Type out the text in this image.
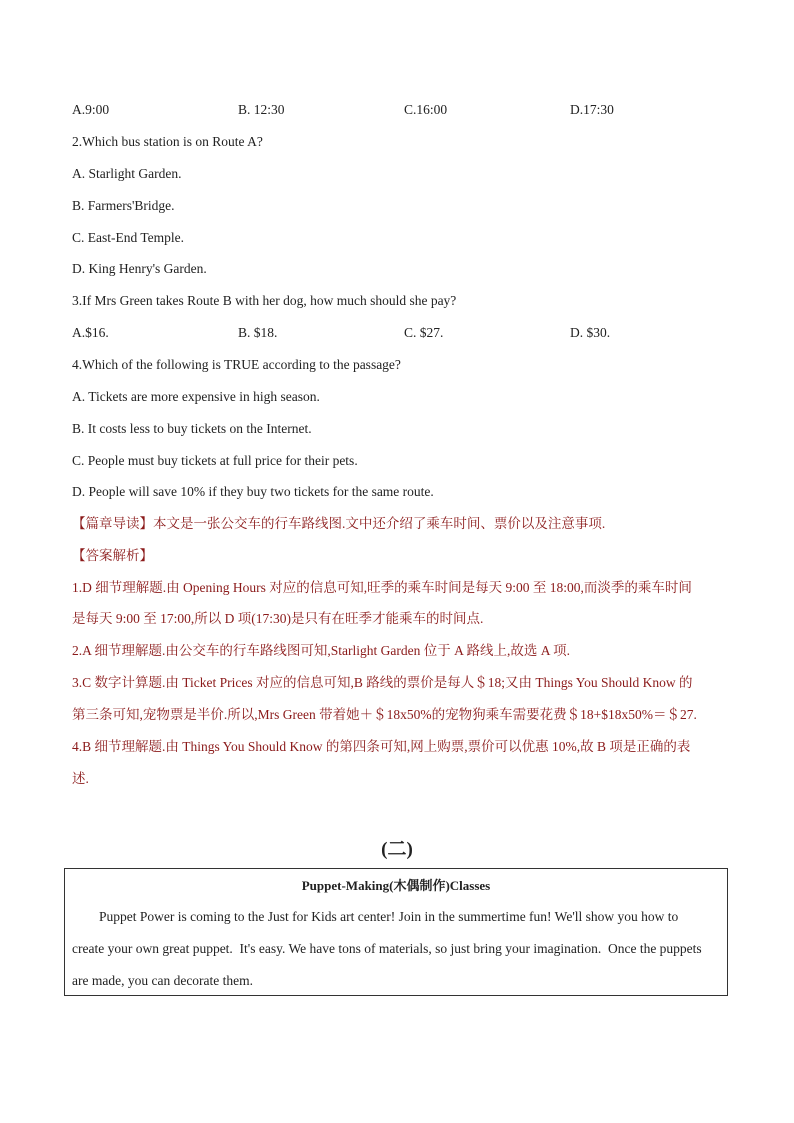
A.9:00	B. 12:30	C.16:00	D.17:30
2.Which bus station is on Route A?
A. Starlight Garden.
B. Farmers'Bridge.
C. East-End Temple.
D. King Henry's Garden.
3.If Mrs Green takes Route B with her dog, how much should she pay?
A.$16.	B. $18.	C. $27.	D. $30.
4.Which of the following is TRUE according to the passage?
A. Tickets are more expensive in high season.
B. It costs less to buy tickets on the Internet.
C. People must buy tickets at full price for their pets.
D. People will save 10% if they buy two tickets for the same route.
【篇章导读】本文是一张公交车的行车路线图.文中还介绍了乘车时间、票价以及注意事项.
【答案解析】
1.D 细节理解题.由 Opening Hours 对应的信息可知,旺季的乘车时间是每天 9:00 至 18:00,而淡季的乘车时间
是每天 9:00 至 17:00,所以 D 项(17:30)是只有在旺季才能乘车的时间点.
2.A 细节理解题.由公交车的行车路线图可知,Starlight Garden 位于 A 路线上,故选 A 项.
3.C 数字计算题.由 Ticket Prices 对应的信息可知,B 路线的票价是每人＄18;又由 Things You Should Know 的
第三条可知,宠物票是半价.所以,Mrs Green 带着她＋＄18x50%的宠物狗乘车需要花费＄18+$18x50%＝＄27.
4.B 细节理解题.由 Things You Should Know 的第四条可知,网上购票,票价可以优惠 10%,故 B 项是正确的表
述.
(二)
Puppet-Making(木偶制作)Classes
Puppet Power is coming to the Just for Kids art center! Join in the summertime fun! We'll show you how to
create your own great puppet.  It's easy. We have tons of materials, so just bring your imagination.  Once the puppets
are made, you can decorate them.
